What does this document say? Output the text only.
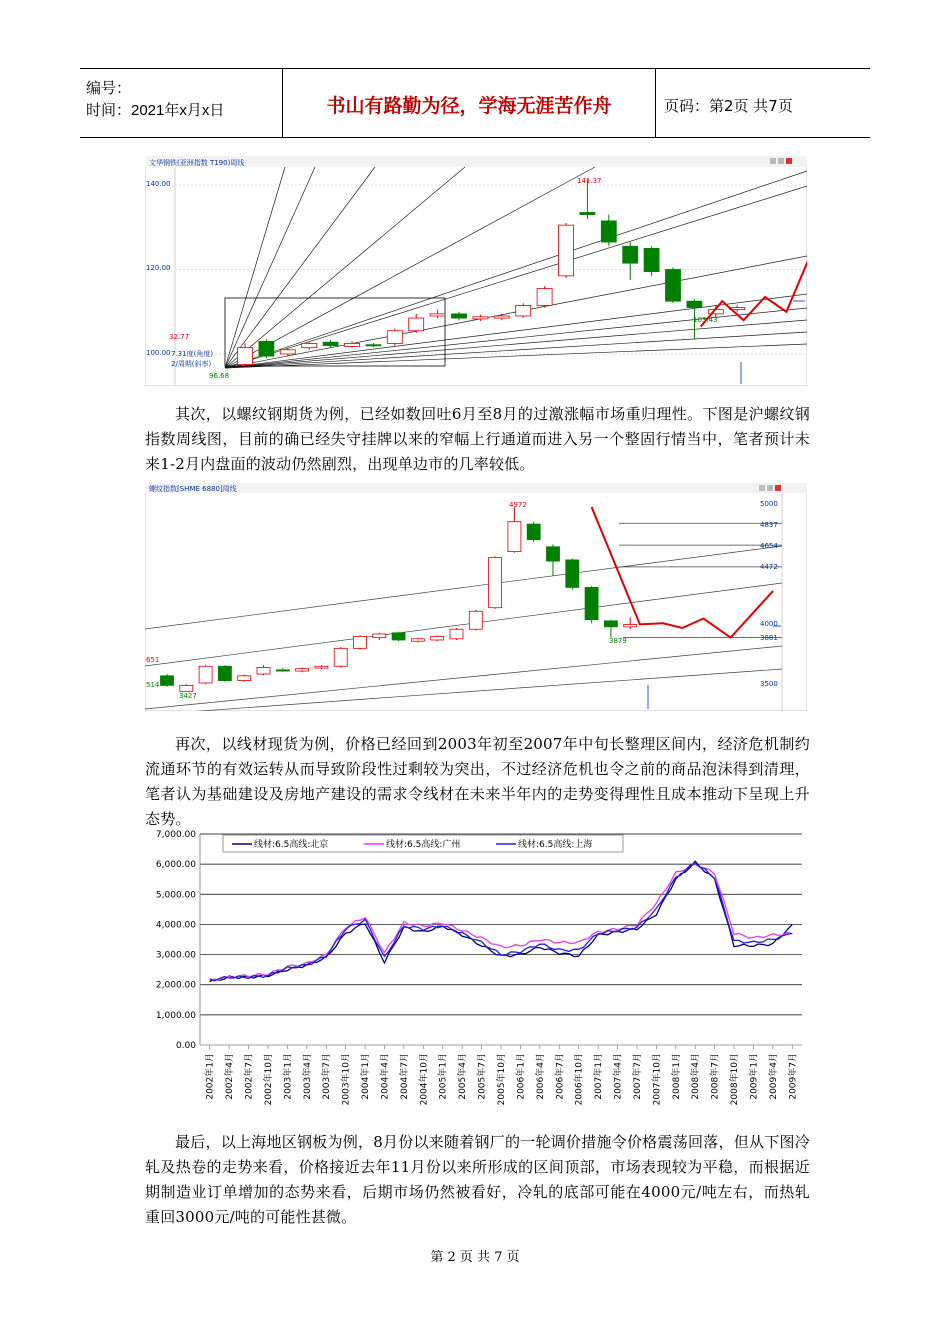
编号：
时间：2021年x月x日	书山有路勤为径，学海无涯苦作舟	页码：第2页 共7页
文华钢铁(亚洲指数 T190)周线
140.00
120.00
100.00
141.37
103.43
96.68
32.77
7.31度(角度)
2/周期(斜率)

其次，以螺纹钢期货为例，已经如数回吐6月至8月的过激涨幅市场重归理性。下图是沪螺纹钢指数周线图，目前的确已经失守挂牌以来的窄幅上行通道而进入另一个整固行情当中，笔者预计未来1-2月内盘面的波动仍然剧烈，出现单边市的几率较低。

螺纹指数[SHME 6880]周线
5000
4837
4654
4472
4000
3881
3500
4972
3879
3427
651
514

再次，以线材现货为例，价格已经回到2003年初至2007年中旬长整理区间内，经济危机制约流通环节的有效运转从而导致阶段性过剩较为突出，不过经济危机也令之前的商品泡沫得到清理，笔者认为基础建设及房地产建设的需求令线材在未来半年内的走势变得理性且成本推动下呈现上升态势。

7,000.00
6,000.00
5,000.00
4,000.00
3,000.00
2,000.00
1,000.00
0.00
2002年1月 2002年4月 2002年7月 2002年10月 2003年1月 2003年4月 2003年7月 2003年10月 2004年1月 2004年4月 2004年7月 2004年10月 2005年1月 2005年4月 2005年7月 2005年10月 2006年1月 2006年4月 2006年7月 2006年10月 2007年1月 2007年4月 2007年7月 2007年10月 2008年1月 2008年4月 2008年7月 2008年10月 2009年1月 2009年4月 2009年7月
线材:6.5高线:北京	线材:6.5高线:广州	线材:6.5高线:上海

最后，以上海地区钢板为例，8月份以来随着钢厂的一轮调价措施令价格震荡回落，但从下图冷轧及热卷的走势来看，价格接近去年11月份以来所形成的区间顶部，市场表现较为平稳，而根据近期制造业订单增加的态势来看，后期市场仍然被看好，冷轧的底部可能在4000元/吨左右，而热轧重回3000元/吨的可能性甚微。

第 2 页 共 7 页
